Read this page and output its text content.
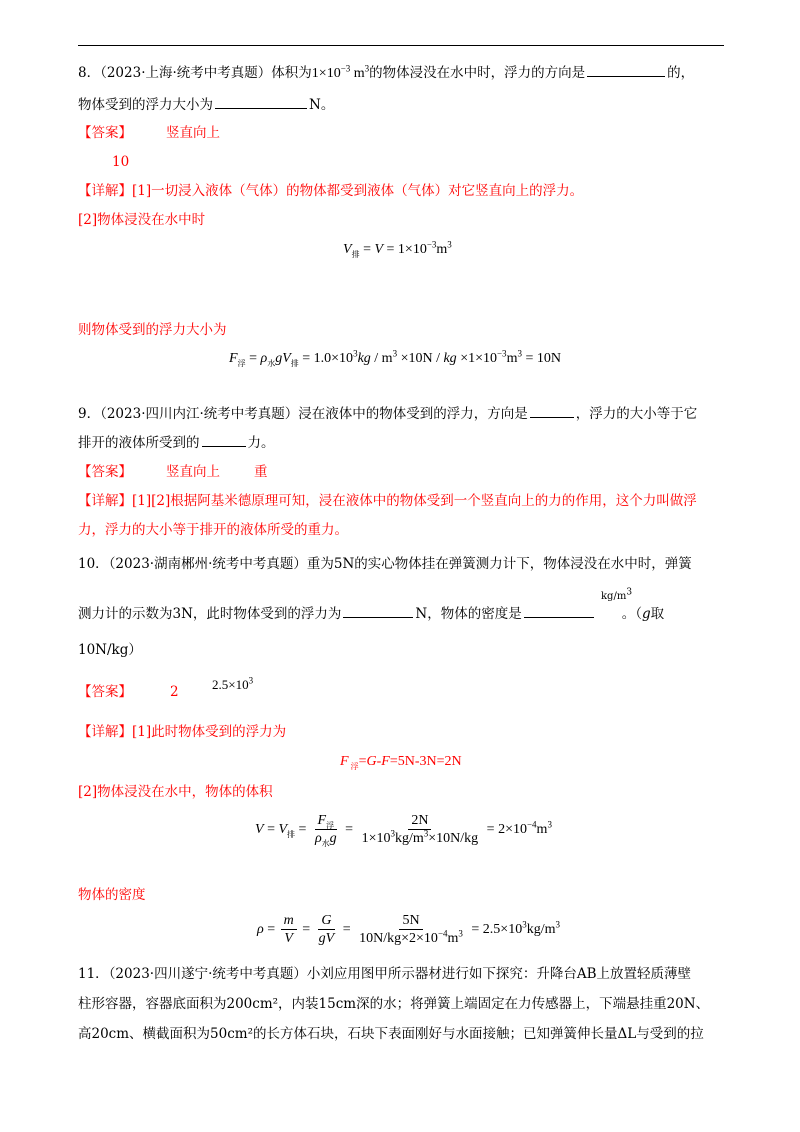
8．（2023·上海·统考中考真题）体积为$1\times 10^{-3}$ $m^3$的物体浸没在水中时，浮力的方向是	的，
物体受到的浮力大小为	N。
【答案】	竖直向上
10
【详解】[1]一切浸入液体（气体）的物体都受到液体（气体）对它竖直向上的浮力。
[2]物体浸没在水中时
$V_排 = V = 1\times 10^{-3}m^3$
则物体受到的浮力大小为
$F_浮 = \rho_水gV_排 = 1.0\times 10^3kg / m^3 \times 10N$ / kg $\times 1\times 10^{-3}m^3 = 10N$
9．（2023·四川内江·统考中考真题）浸在液体中的物体受到的浮力，方向是	，浮力的大小等于它
排开的液体所受到的	力。
【答案】	竖直向上	重
【详解】[1][2]根据阿基米德原理可知，浸在液体中的物体受到一个竖直向上的力的作用，这个力叫做浮
力，浮力的大小等于排开的液体所受的重力。
10．（2023·湖南郴州·统考中考真题）重为5N的实心物体挂在弹簧测力计下，物体浸没在水中时，弹簧
kg/m3
测力计的示数为3N，此时物体受到的浮力为	N，物体的密度是	。（g取
10N/kg）
$2.5\times 10^3$
【答案】	2
【详解】[1]此时物体受到的浮力为
F $_浮$=G-F=5N-3N=2N
[2]物体浸没在水中，物体的体积
$V = V_排 = \frac{F_浮}{\rho_水g} = \frac{2N}{1\times 10^3kg/m^3\times 10N/kg} = 2\times 10^{-4}m^3$
物体的密度
$\rho = \frac{m}{V} = \frac{G}{gV} = \frac{5N}{10N/kg\times 2\times 10^{-4}m^3} = 2.5\times 10^3kg/m^3$
11．（2023·四川遂宁·统考中考真题）小刘应用图甲所示器材进行如下探究：升降台AB上放置轻质薄壁
柱形容器，容器底面积为200cm²，内装15cm深的水；将弹簧上端固定在力传感器上，下端悬挂重20N、
高20cm、横截面积为50cm²的长方体石块，石块下表面刚好与水面接触；已知弹簧伸长量ΔL与受到的拉
